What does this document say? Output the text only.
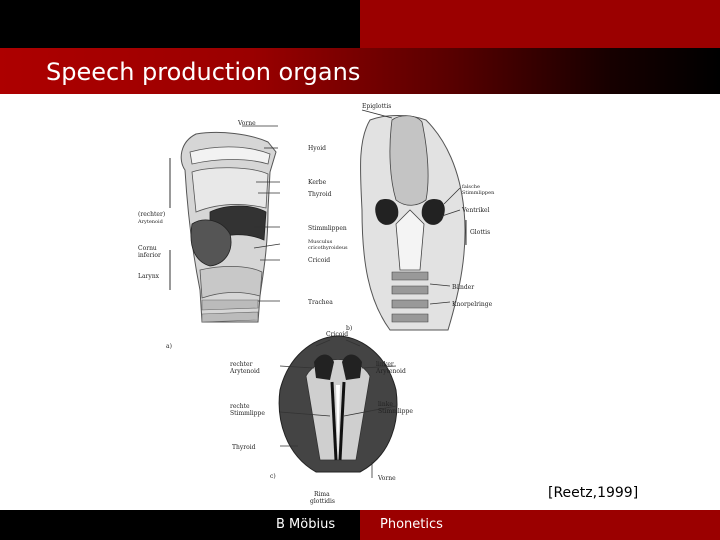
Speech production organs
Vorne
Hyoid
Kerbe
Thyroid
Stimmlippen
Musculus
cricothyroideus
Cricoid
Trachea
(rechter)
Arytenoid
Cornu
inferior
Larynx
a)
Epiglottis
falsche
Stimmlippen
Ventrikel
Glottis
Bänder
Knorpelringe
b)
Cricoid
rechter
Arytenoid
linker
Arytenoid
rechte
Stimmlippe
linke
Stimmlippe
Thyroid
Vorne
Rima
glottidis
c)
[Reetz,1999]
B Möbius	Phonetics
